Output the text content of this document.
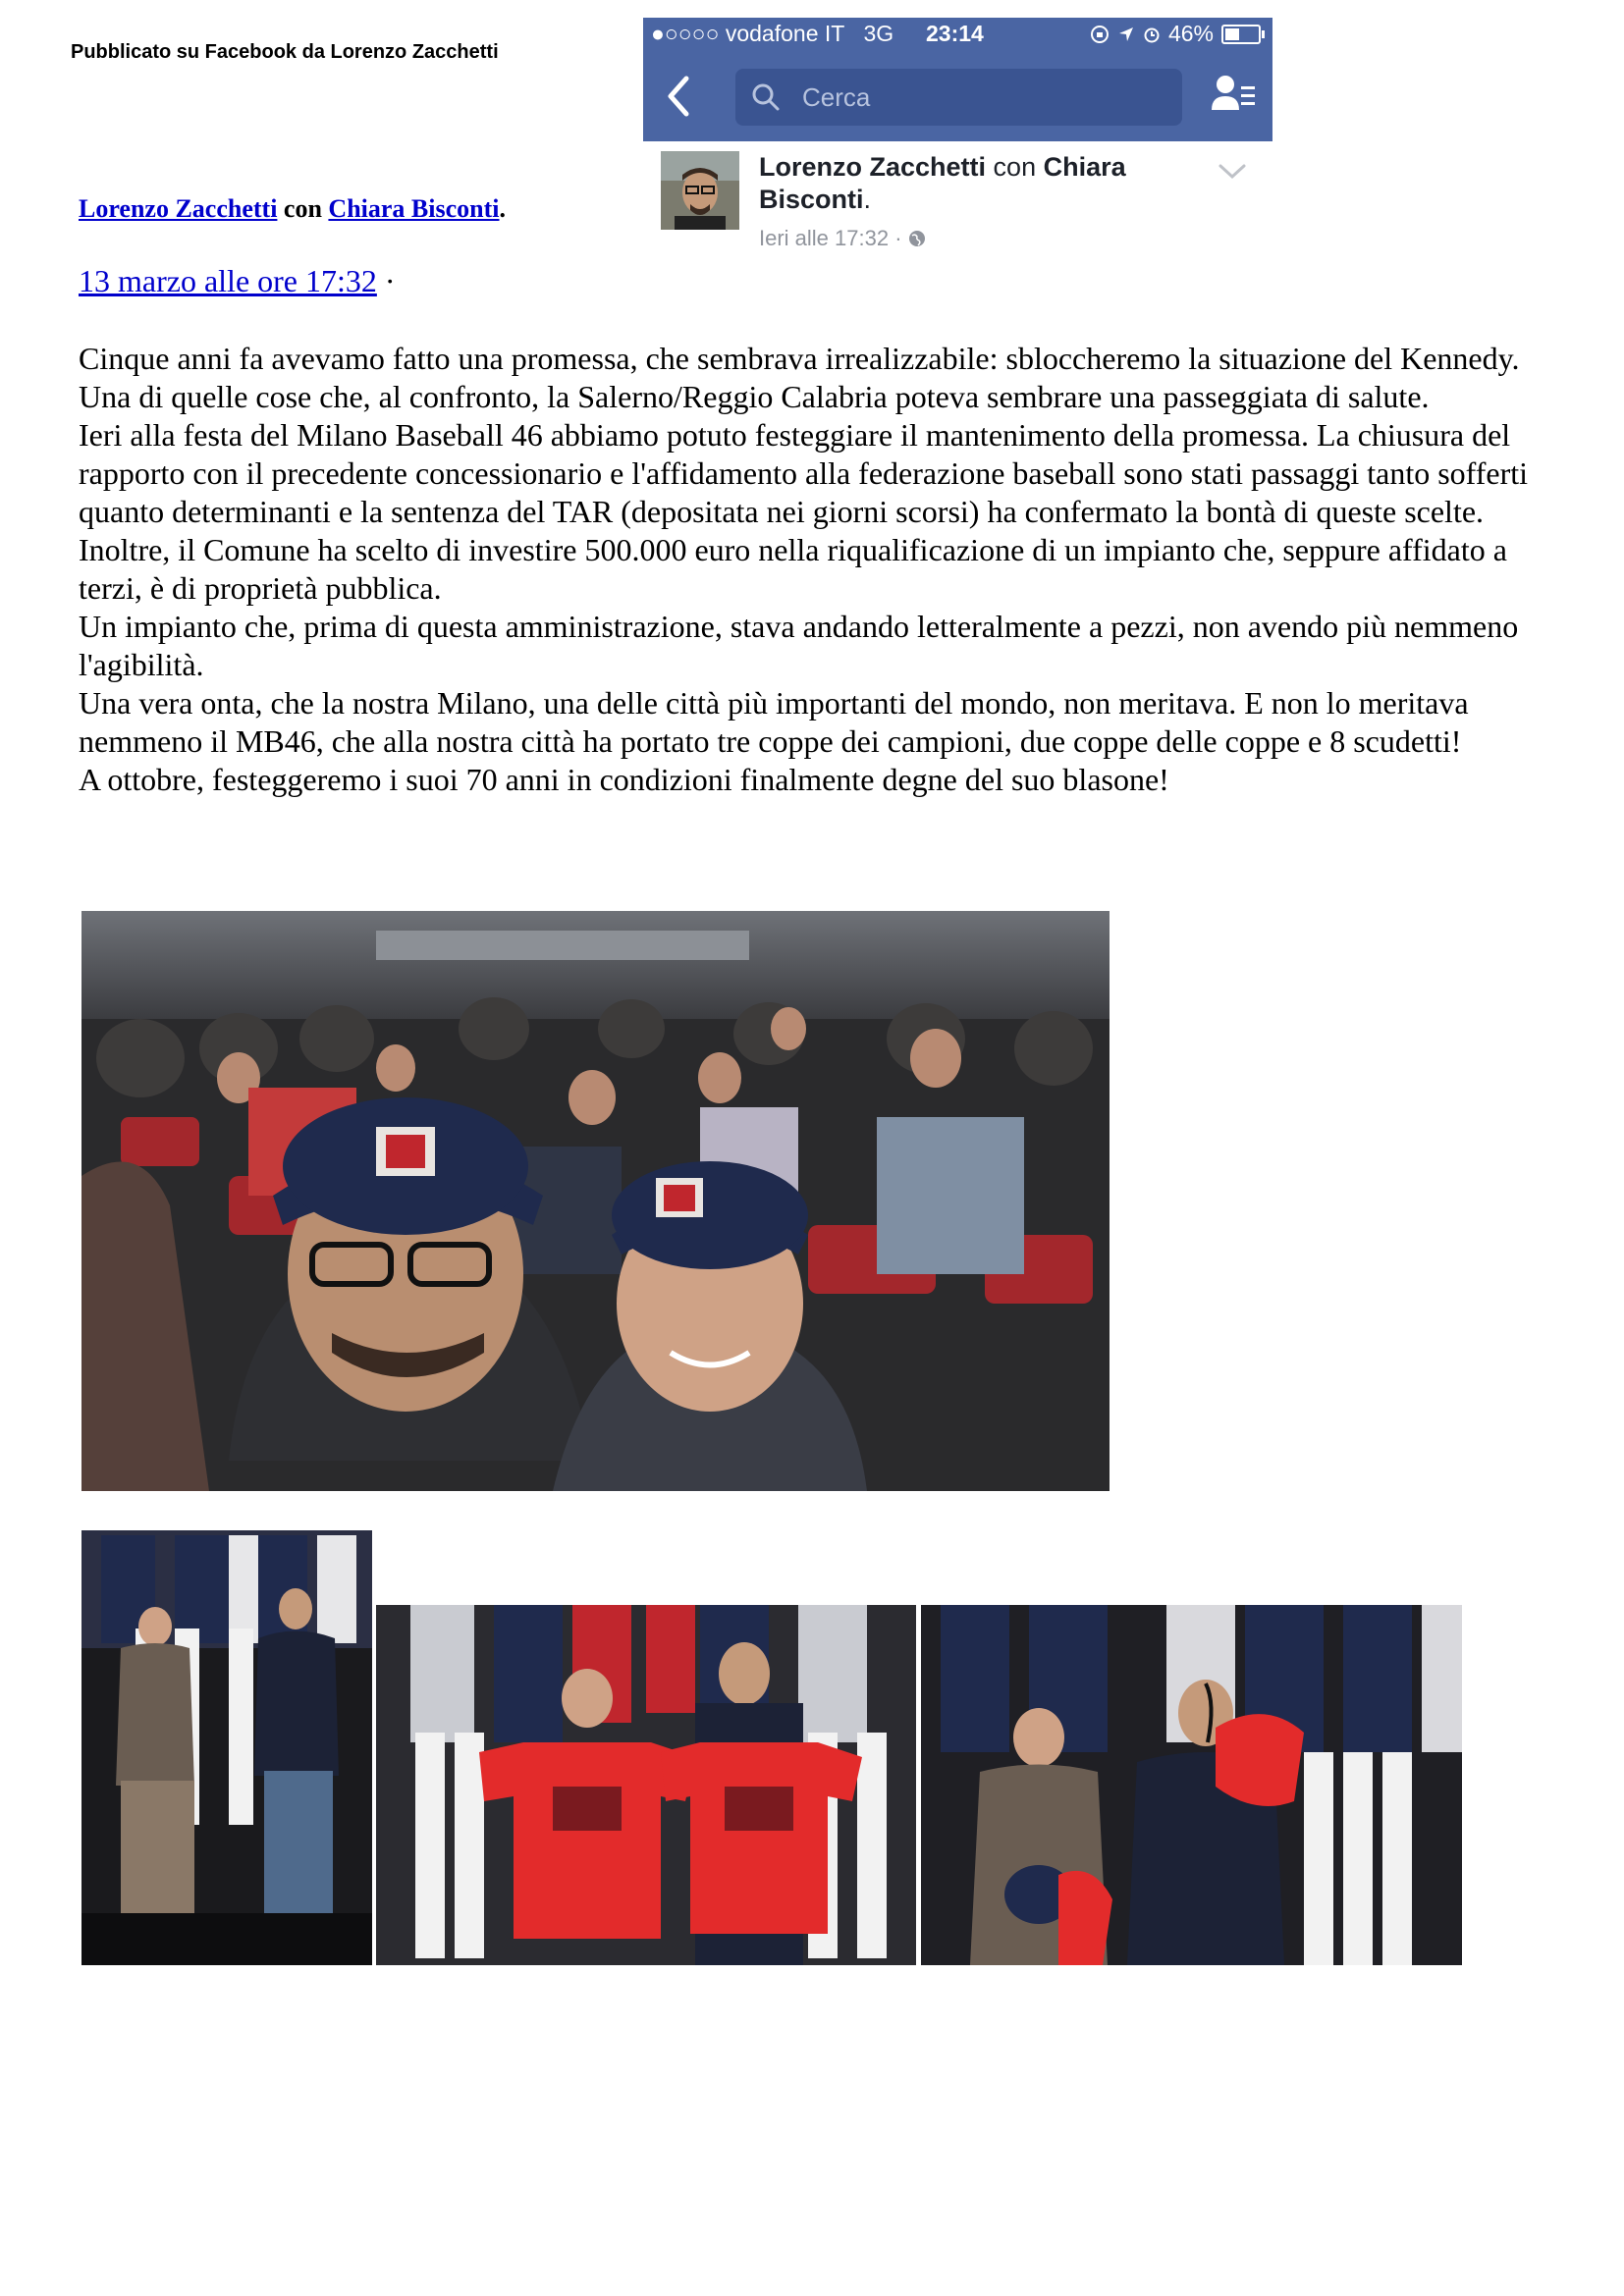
Pubblicato su Facebook da Lorenzo Zacchetti
●○○○○ vodafone IT 3G 23:14	46%
Cerca
Lorenzo Zacchetti con Chiara Bisconti.
Ieri alle 17:32 ·
Lorenzo Zacchetti con Chiara Bisconti.
13 marzo alle ore 17:32 ·

Cinque anni fa avevamo fatto una promessa, che sembrava irrealizzabile: sbloccheremo la situazione del Kennedy.

Una di quelle cose che, al confronto, la Salerno/Reggio Calabria poteva sembrare una passeggiata di salute.

Ieri alla festa del Milano Baseball 46 abbiamo potuto festeggiare il mantenimento della promessa. La chiusura del rapporto con il precedente concessionario e l'affidamento alla federazione baseball sono stati passaggi tanto sofferti quanto determinanti e la sentenza del TAR (depositata nei giorni scorsi) ha confermato la bontà di queste scelte. Inoltre, il Comune ha scelto di investire 500.000 euro nella riqualificazione di un impianto che, seppure affidato a terzi, è di proprietà pubblica.

Un impianto che, prima di questa amministrazione, stava andando letteralmente a pezzi, non avendo più nemmeno l'agibilità.

Una vera onta, che la nostra Milano, una delle città più importanti del mondo, non meritava. E non lo meritava nemmeno il MB46, che alla nostra città ha portato tre coppe dei campioni, due coppe delle coppe e 8 scudetti!

A ottobre, festeggeremo i suoi 70 anni in condizioni finalmente degne del suo blasone!
